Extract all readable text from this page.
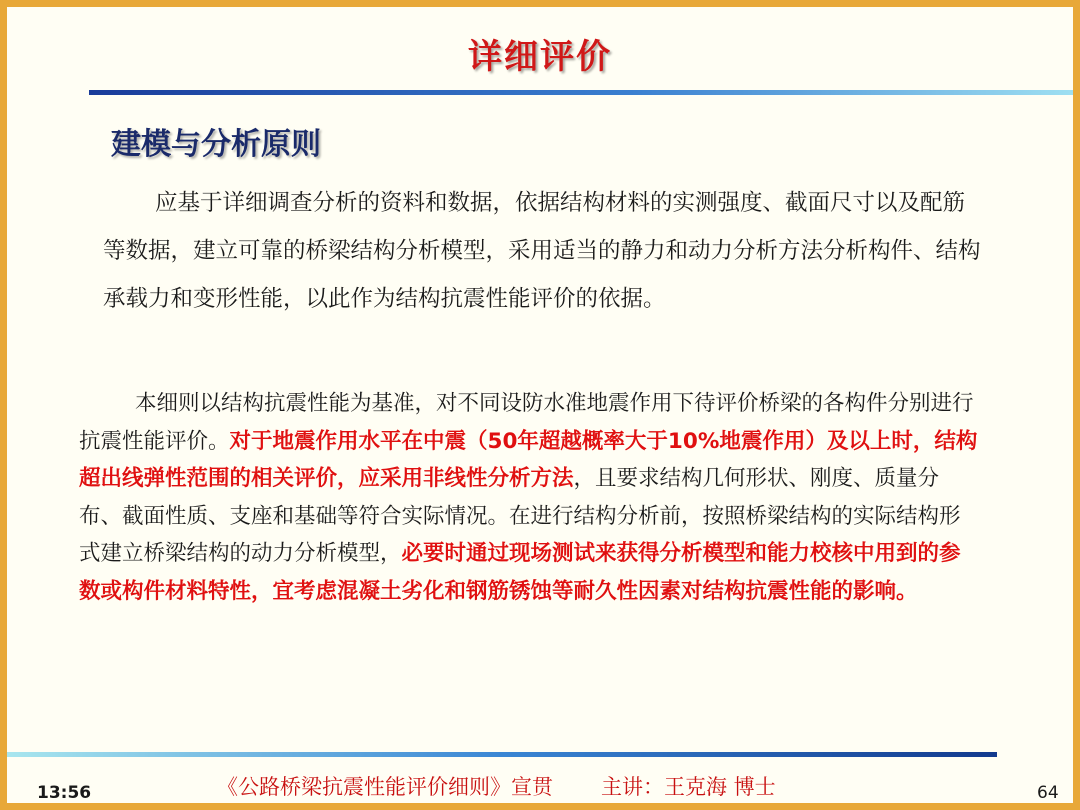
详细评价
建模与分析原则

应基于详细调查分析的资料和数据，依据结构材料的实测强度、截面尺寸以及配筋等数据，建立可靠的桥梁结构分析模型，采用适当的静力和动力分析方法分析构件、结构承载力和变形性能，以此作为结构抗震性能评价的依据。

本细则以结构抗震性能为基准，对不同设防水准地震作用下待评价桥梁的各构件分别进行抗震性能评价。对于地震作用水平在中震（50年超越概率大于10%地震作用）及以上时，结构超出线弹性范围的相关评价，应采用非线性分析方法，且要求结构几何形状、刚度、质量分布、截面性质、支座和基础等符合实际情况。在进行结构分析前，按照桥梁结构的实际结构形式建立桥梁结构的动力分析模型，必要时通过现场测试来获得分析模型和能力校核中用到的参数或构件材料特性，宜考虑混凝土劣化和钢筋锈蚀等耐久性因素对结构抗震性能的影响。

13:56	《公路桥梁抗震性能评价细则》宣贯 主讲：王克海 博士	64
